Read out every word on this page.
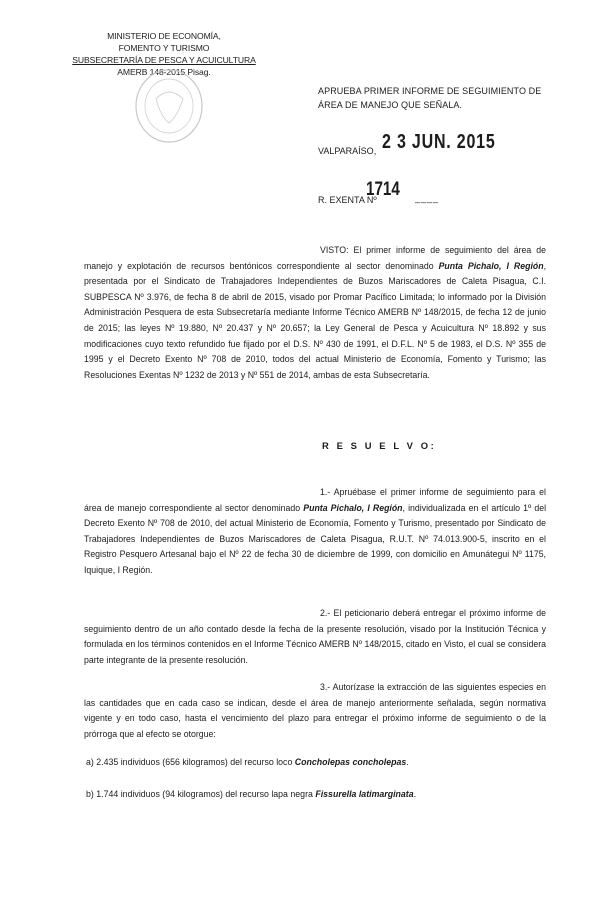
MINISTERIO DE ECONOMÍA,
FOMENTO Y TURISMO
SUBSECRETARÍA DE PESCA Y ACUICULTURA
AMERB 148-2015 Pisag.
APRUEBA PRIMER INFORME DE SEGUIMIENTO DE ÁREA DE MANEJO QUE SEÑALA.
VALPARAÍSO, 2 3 JUN. 2015
R. EXENTA Nº
1714 ____
VISTO: El primer informe de seguimiento del área de manejo y explotación de recursos bentónicos correspondiente al sector denominado Punta Pichalo, I Región, presentada por el Sindicato de Trabajadores Independientes de Buzos Mariscadores de Caleta Pisagua, C.I. SUBPESCA Nº 3.976, de fecha 8 de abril de 2015, visado por Promar Pacífico Limitada; lo informado por la División Administración Pesquera de esta Subsecretaría mediante Informe Técnico AMERB Nº 148/2015, de fecha 12 de junio de 2015; las leyes Nº 19.880, Nº 20.437 y Nº 20.657; la Ley General de Pesca y Acuicultura Nº 18.892 y sus modificaciones cuyo texto refundido fue fijado por el D.S. Nº 430 de 1991, el D.F.L. Nº 5 de 1983, el D.S. Nº 355 de 1995 y el Decreto Exento Nº 708 de 2010, todos del actual Ministerio de Economía, Fomento y Turismo; las Resoluciones Exentas Nº 1232 de 2013 y Nº 551 de 2014, ambas de esta Subsecretaría.
R E S U E L V O:
1.- Apruébase el primer informe de seguimiento para el área de manejo correspondiente al sector denominado Punta Pichalo, I Región, individualizada en el artículo 1º del Decreto Exento Nº 708 de 2010, del actual Ministerio de Economía, Fomento y Turismo, presentado por Sindicato de Trabajadores Independientes de Buzos Mariscadores de Caleta Pisagua, R.U.T. Nº 74.013.900-5, inscrito en el Registro Pesquero Artesanal bajo el Nº 22 de fecha 30 de diciembre de 1999, con domicilio en Amunátegui Nº 1175, Iquique, I Región.
2.- El peticionario deberá entregar el próximo informe de seguimiento dentro de un año contado desde la fecha de la presente resolución, visado por la Institución Técnica y formulada en los términos contenidos en el Informe Técnico AMERB Nº 148/2015, citado en Visto, el cual se considera parte integrante de la presente resolución.
3.- Autorízase la extracción de las siguientes especies en las cantidades que en cada caso se indican, desde el área de manejo anteriormente señalada, según normativa vigente y en todo caso, hasta el vencimiento del plazo para entregar el próximo informe de seguimiento o de la prórroga que al efecto se otorgue:
a) 2.435 individuos (656 kilogramos) del recurso loco Concholepas concholepas.
b) 1.744 individuos (94 kilogramos) del recurso lapa negra Fissurella latimarginata.
